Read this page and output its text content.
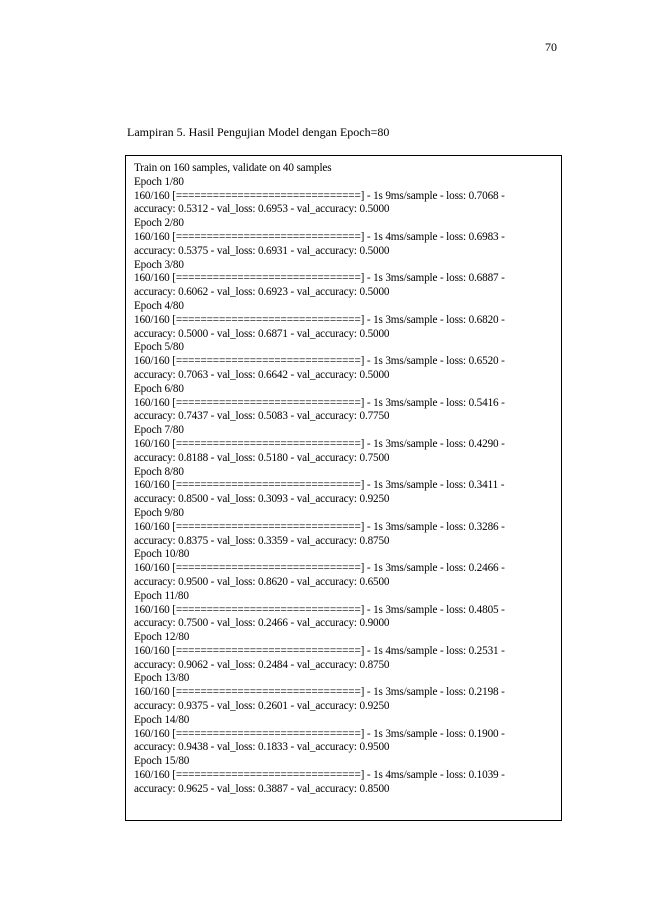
70
Lampiran 5. Hasil Pengujian Model dengan Epoch=80
Train on 160 samples, validate on 40 samples
Epoch 1/80
160/160 [==============================] - 1s 9ms/sample - loss: 0.7068 -
accuracy: 0.5312 - val_loss: 0.6953 - val_accuracy: 0.5000
Epoch 2/80
160/160 [==============================] - 1s 4ms/sample - loss: 0.6983 -
accuracy: 0.5375 - val_loss: 0.6931 - val_accuracy: 0.5000
Epoch 3/80
160/160 [==============================] - 1s 3ms/sample - loss: 0.6887 -
accuracy: 0.6062 - val_loss: 0.6923 - val_accuracy: 0.5000
Epoch 4/80
160/160 [==============================] - 1s 3ms/sample - loss: 0.6820 -
accuracy: 0.5000 - val_loss: 0.6871 - val_accuracy: 0.5000
Epoch 5/80
160/160 [==============================] - 1s 3ms/sample - loss: 0.6520 -
accuracy: 0.7063 - val_loss: 0.6642 - val_accuracy: 0.5000
Epoch 6/80
160/160 [==============================] - 1s 3ms/sample - loss: 0.5416 -
accuracy: 0.7437 - val_loss: 0.5083 - val_accuracy: 0.7750
Epoch 7/80
160/160 [==============================] - 1s 3ms/sample - loss: 0.4290 -
accuracy: 0.8188 - val_loss: 0.5180 - val_accuracy: 0.7500
Epoch 8/80
160/160 [==============================] - 1s 3ms/sample - loss: 0.3411 -
accuracy: 0.8500 - val_loss: 0.3093 - val_accuracy: 0.9250
Epoch 9/80
160/160 [==============================] - 1s 3ms/sample - loss: 0.3286 -
accuracy: 0.8375 - val_loss: 0.3359 - val_accuracy: 0.8750
Epoch 10/80
160/160 [==============================] - 1s 3ms/sample - loss: 0.2466 -
accuracy: 0.9500 - val_loss: 0.8620 - val_accuracy: 0.6500
Epoch 11/80
160/160 [==============================] - 1s 3ms/sample - loss: 0.4805 -
accuracy: 0.7500 - val_loss: 0.2466 - val_accuracy: 0.9000
Epoch 12/80
160/160 [==============================] - 1s 4ms/sample - loss: 0.2531 -
accuracy: 0.9062 - val_loss: 0.2484 - val_accuracy: 0.8750
Epoch 13/80
160/160 [==============================] - 1s 3ms/sample - loss: 0.2198 -
accuracy: 0.9375 - val_loss: 0.2601 - val_accuracy: 0.9250
Epoch 14/80
160/160 [==============================] - 1s 3ms/sample - loss: 0.1900 -
accuracy: 0.9438 - val_loss: 0.1833 - val_accuracy: 0.9500
Epoch 15/80
160/160 [==============================] - 1s 4ms/sample - loss: 0.1039 -
accuracy: 0.9625 - val_loss: 0.3887 - val_accuracy: 0.8500
